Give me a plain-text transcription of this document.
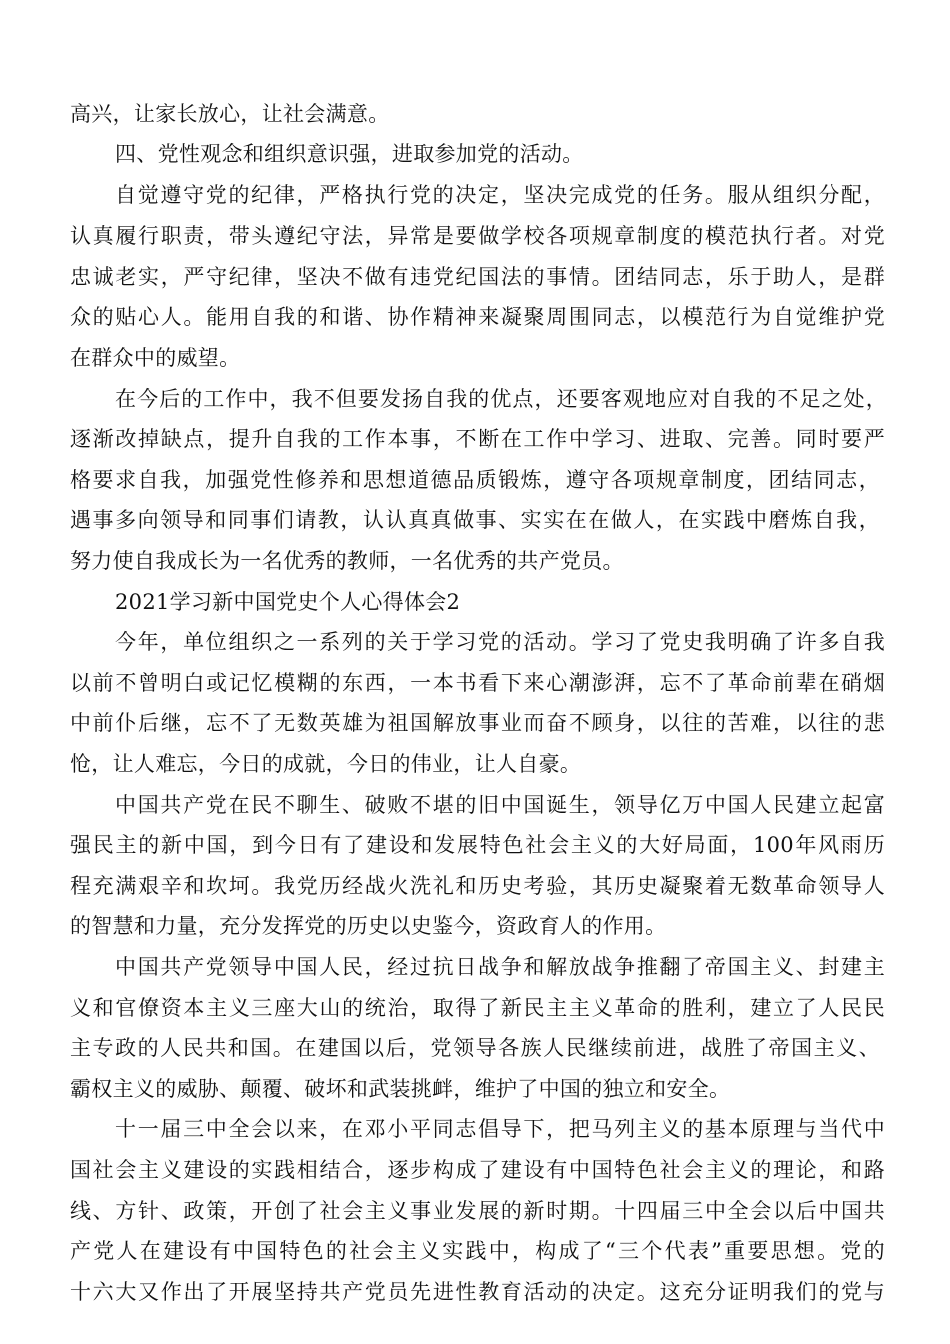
高兴，让家长放心，让社会满意。
四、党性观念和组织意识强，进取参加党的活动。
自觉遵守党的纪律，严格执行党的决定，坚决完成党的任务。服从组织分配，
认真履行职责，带头遵纪守法，异常是要做学校各项规章制度的模范执行者。对党
忠诚老实，严守纪律，坚决不做有违党纪国法的事情。团结同志，乐于助人，是群
众的贴心人。能用自我的和谐、协作精神来凝聚周围同志，以模范行为自觉维护党
在群众中的威望。
在今后的工作中，我不但要发扬自我的优点，还要客观地应对自我的不足之处，
逐渐改掉缺点，提升自我的工作本事，不断在工作中学习、进取、完善。同时要严
格要求自我，加强党性修养和思想道德品质锻炼，遵守各项规章制度，团结同志，
遇事多向领导和同事们请教，认认真真做事、实实在在做人，在实践中磨炼自我，
努力使自我成长为一名优秀的教师，一名优秀的共产党员。
2021学习新中国党史个人心得体会2
今年，单位组织之一系列的关于学习党的活动。学习了党史我明确了许多自我
以前不曾明白或记忆模糊的东西，一本书看下来心潮澎湃，忘不了革命前辈在硝烟
中前仆后继，忘不了无数英雄为祖国解放事业而奋不顾身，以往的苦难，以往的悲
怆，让人难忘，今日的成就，今日的伟业，让人自豪。
中国共产党在民不聊生、破败不堪的旧中国诞生，领导亿万中国人民建立起富
强民主的新中国，到今日有了建设和发展特色社会主义的大好局面，100年风雨历
程充满艰辛和坎坷。我党历经战火洗礼和历史考验，其历史凝聚着无数革命领导人
的智慧和力量，充分发挥党的历史以史鉴今，资政育人的作用。
中国共产党领导中国人民，经过抗日战争和解放战争推翻了帝国主义、封建主
义和官僚资本主义三座大山的统治，取得了新民主主义革命的胜利，建立了人民民
主专政的人民共和国。在建国以后，党领导各族人民继续前进，战胜了帝国主义、
霸权主义的威胁、颠覆、破坏和武装挑衅，维护了中国的独立和安全。
十一届三中全会以来，在邓小平同志倡导下，把马列主义的基本原理与当代中
国社会主义建设的实践相结合，逐步构成了建设有中国特色社会主义的理论，和路
线、方针、政策，开创了社会主义事业发展的新时期。十四届三中全会以后中国共
产党人在建设有中国特色的社会主义实践中，构成了“三个代表”重要思想。党的
十六大又作出了开展坚持共产党员先进性教育活动的决定。这充分证明我们的党与
